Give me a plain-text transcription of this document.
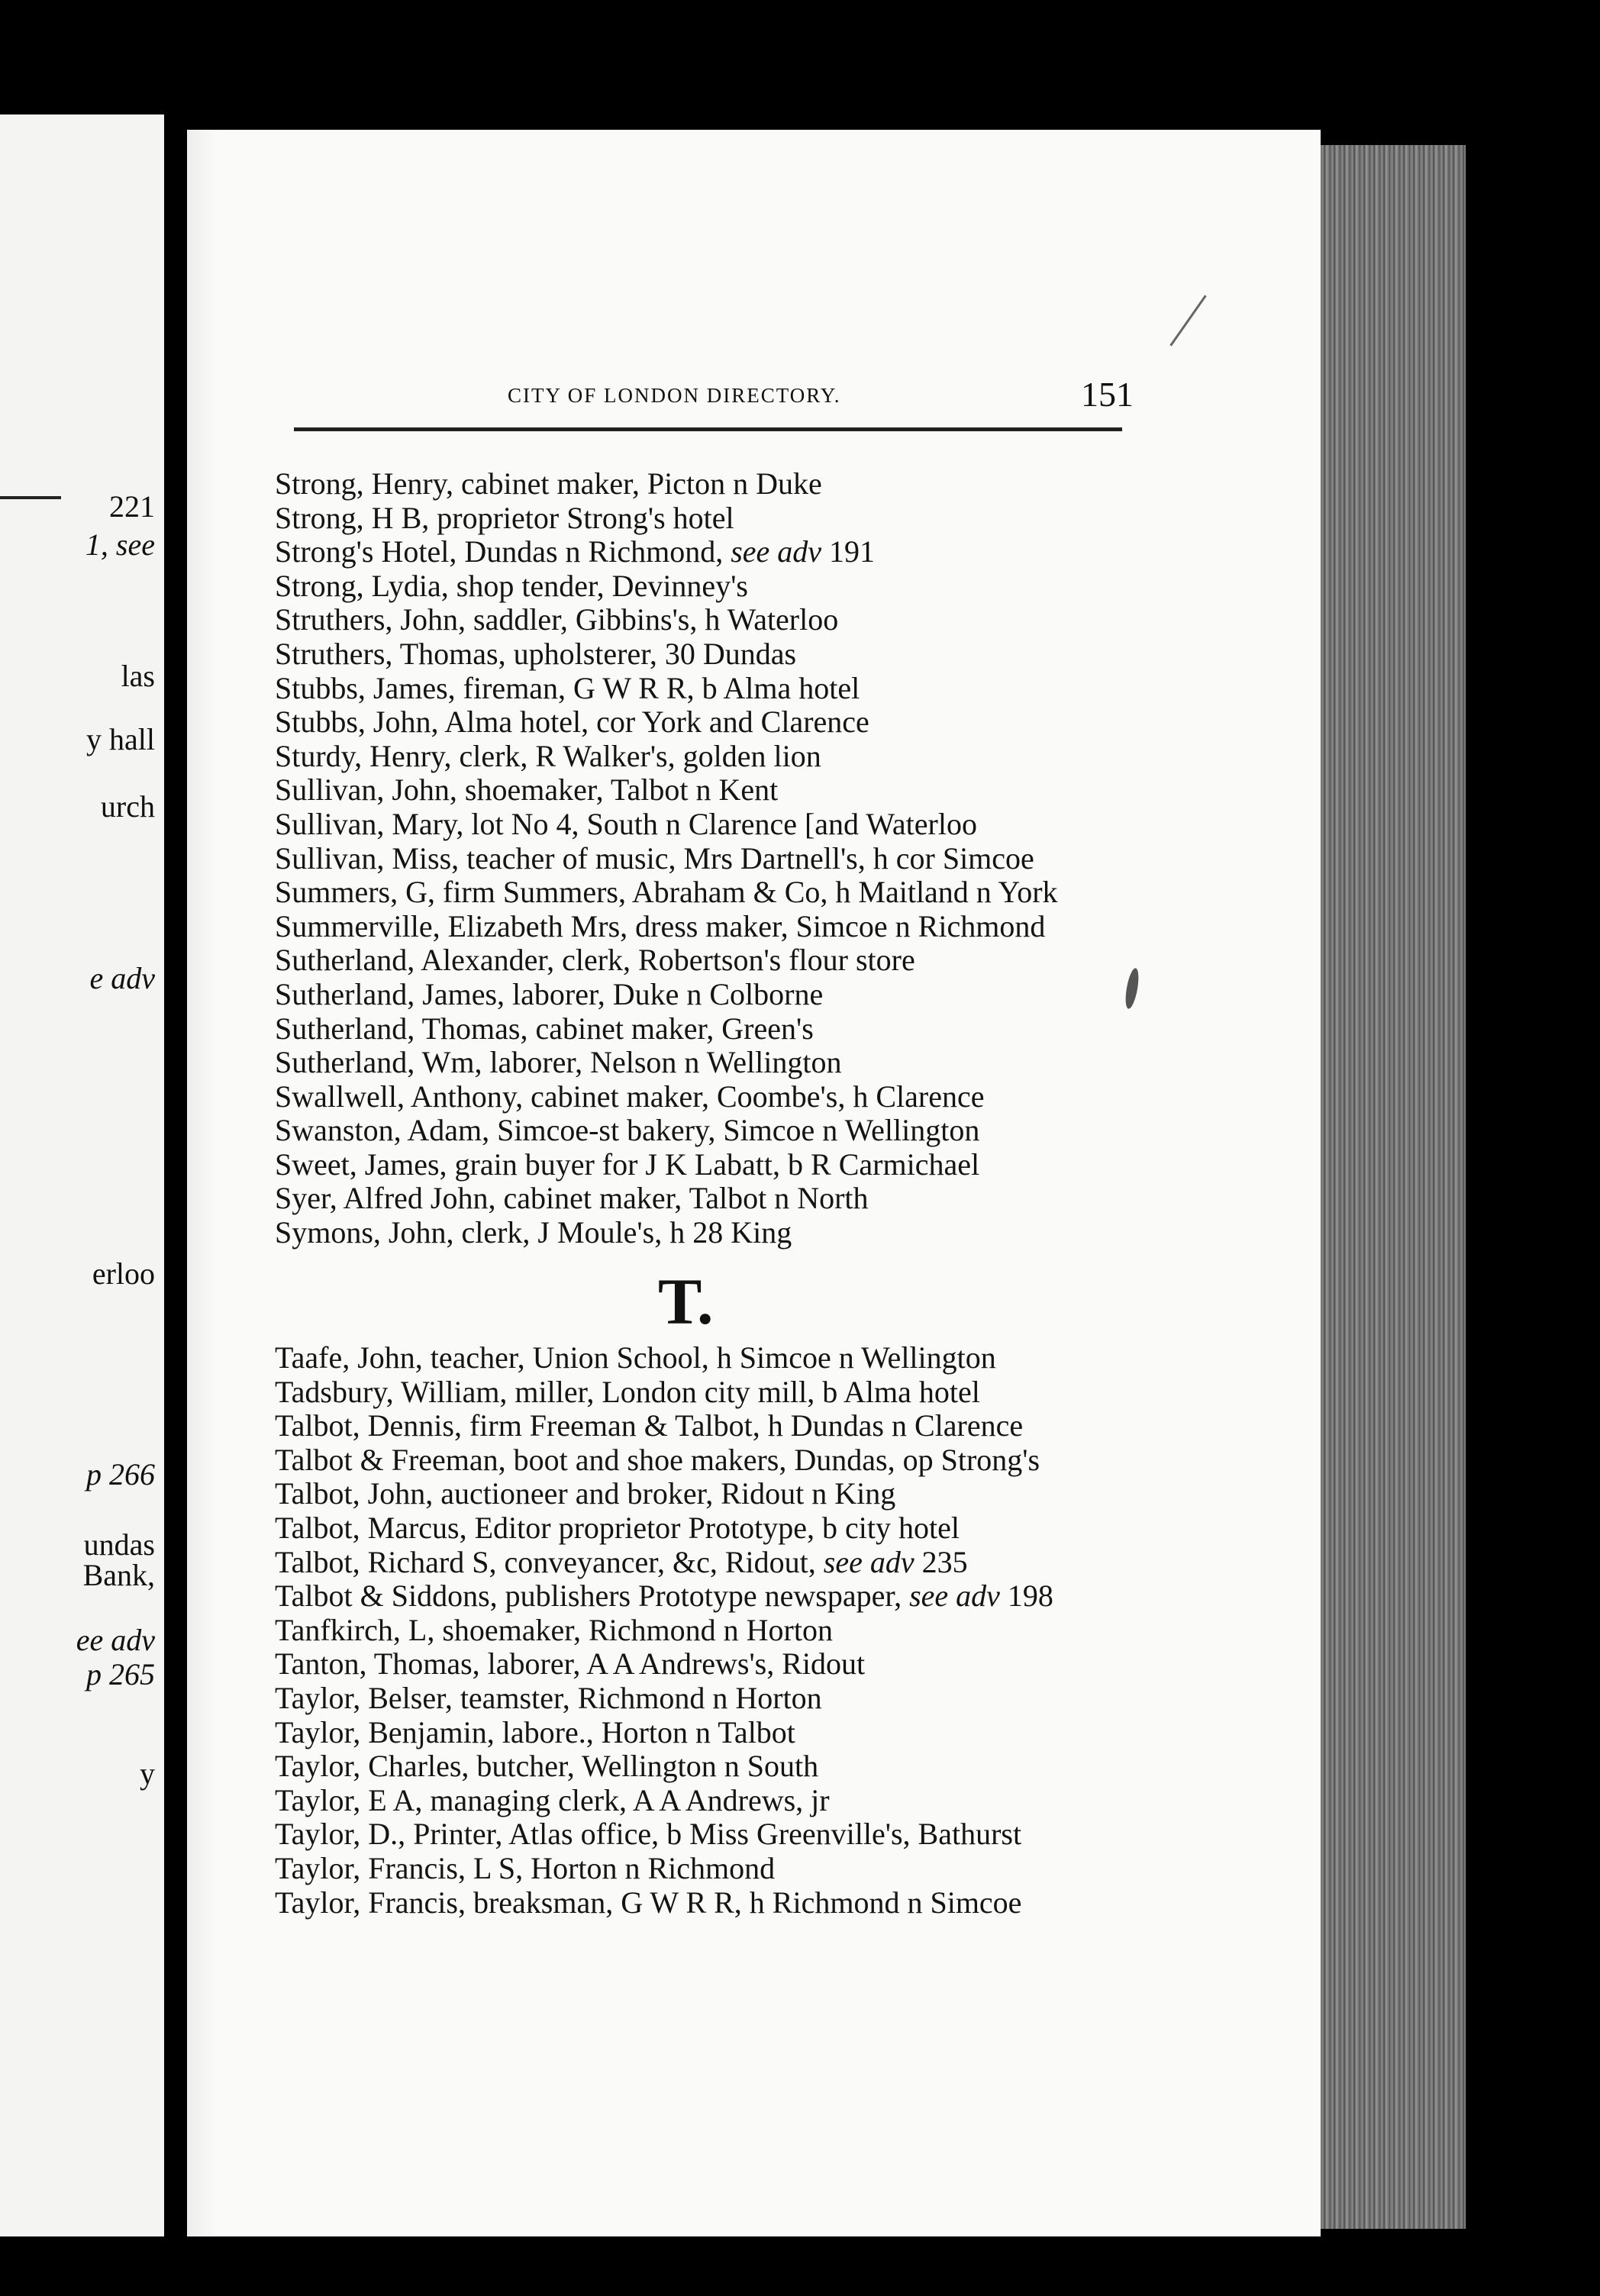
221
1, see
las
y hall
urch
e adv
erloo
p 266
undas
Bank,
ee adv
p 265
y
CITY OF LONDON DIRECTORY.	151
Strong, Henry, cabinet maker, Picton n Duke
Strong, H B, proprietor Strong's hotel
Strong's Hotel, Dundas n Richmond, see adv 191
Strong, Lydia, shop tender, Devinney's
Struthers, John, saddler, Gibbins's, h Waterloo
Struthers, Thomas, upholsterer, 30 Dundas
Stubbs, James, fireman, G W R R, b Alma hotel
Stubbs, John, Alma hotel, cor York and Clarence
Sturdy, Henry, clerk, R Walker's, golden lion
Sullivan, John, shoemaker, Talbot n Kent
Sullivan, Mary, lot No 4, South n Clarence [and Waterloo
Sullivan, Miss, teacher of music, Mrs Dartnell's, h cor Simcoe
Summers, G, firm Summers, Abraham & Co, h Maitland n York
Summerville, Elizabeth Mrs, dress maker, Simcoe n Richmond
Sutherland, Alexander, clerk, Robertson's flour store
Sutherland, James, laborer, Duke n Colborne
Sutherland, Thomas, cabinet maker, Green's
Sutherland, Wm, laborer, Nelson n Wellington
Swallwell, Anthony, cabinet maker, Coombe's, h Clarence
Swanston, Adam, Simcoe-st bakery, Simcoe n Wellington
Sweet, James, grain buyer for J K Labatt, b R Carmichael
Syer, Alfred John, cabinet maker, Talbot n North
Symons, John, clerk, J Moule's, h 28 King
T.
Taafe, John, teacher, Union School, h Simcoe n Wellington
Tadsbury, William, miller, London city mill, b Alma hotel
Talbot, Dennis, firm Freeman & Talbot, h Dundas n Clarence
Talbot & Freeman, boot and shoe makers, Dundas, op Strong's
Talbot, John, auctioneer and broker, Ridout n King
Talbot, Marcus, Editor proprietor Prototype, b city hotel
Talbot, Richard S, conveyancer, &c, Ridout, see adv 235
Talbot & Siddons, publishers Prototype newspaper, see adv 198
Tanfkirch, L, shoemaker, Richmond n Horton
Tanton, Thomas, laborer, A A Andrews's, Ridout
Taylor, Belser, teamster, Richmond n Horton
Taylor, Benjamin, labore., Horton n Talbot
Taylor, Charles, butcher, Wellington n South
Taylor, E A, managing clerk, A A Andrews, jr
Taylor, D., Printer, Atlas office, b Miss Greenville's, Bathurst
Taylor, Francis, L S, Horton n Richmond
Taylor, Francis, breaksman, G W R R, h Richmond n Simcoe
